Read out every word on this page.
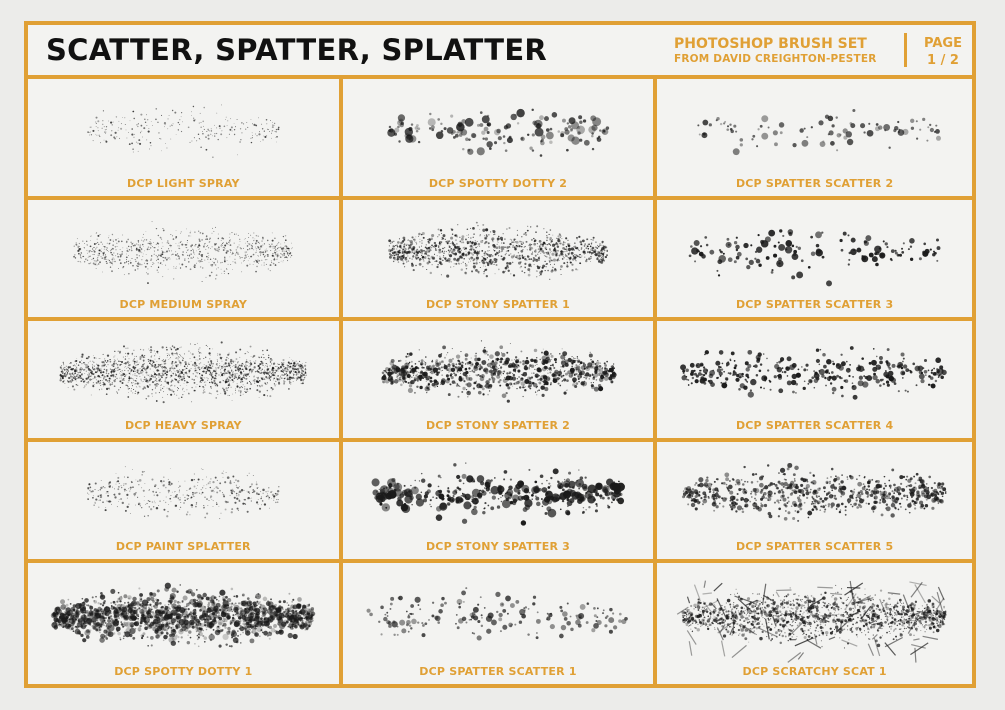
SCATTER, SPATTER, SPLATTER	PHOTOSHOP BRUSH SET
FROM DAVID CREIGHTON-PESTER
PAGE
1 / 2
DCP LIGHT SPRAY	DCP SPOTTY DOTTY 2	DCP SPATTER SCATTER 2
DCP MEDIUM SPRAY	DCP STONY SPATTER 1	DCP SPATTER SCATTER 3
DCP HEAVY SPRAY	DCP STONY SPATTER 2	DCP SPATTER SCATTER 4
DCP PAINT SPLATTER	DCP STONY SPATTER 3	DCP SPATTER SCATTER 5
DCP SPOTTY DOTTY 1	DCP SPATTER SCATTER 1	DCP SCRATCHY SCAT 1
